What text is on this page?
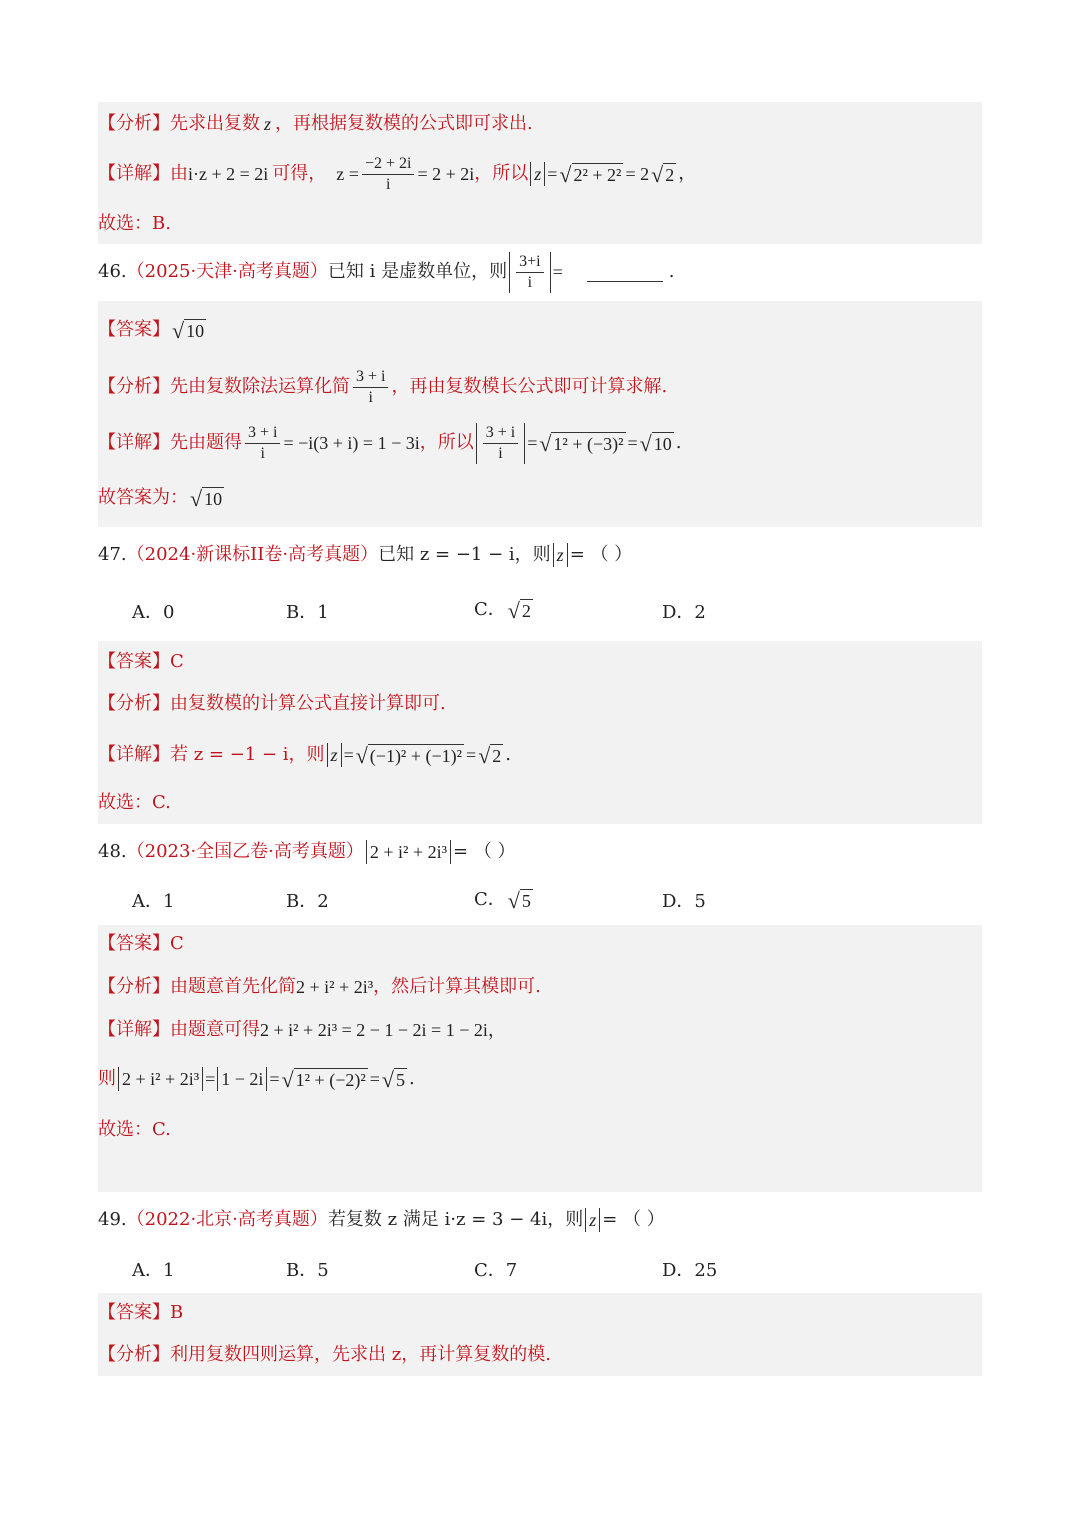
【分析】 先求出复数 z ，再根据复数模的公式即可求出.
【详解】 由 i·z + 2 = 2i 可得， $z = \frac{-2 + 2i}{i} = 2 + 2i$ ，所以 z = √ 2² + 2² = 2 √ 2 ，
故选：B.
46. （2025·天津·高考真题） 已知 i 是虚数单位，则 $\frac{3+i}{i}$ =	.
【答案】 √ 10
【分析】 先由复数除法运算化简 $\frac{3 + i}{i}$ ，再由复数模长公式即可计算求解.
【详解】 先由题得 $\frac{3 + i}{i} = -i(3 + i) = 1 - 3i$ ，所以 $\frac{3 + i}{i}$ = √ 1² + (−3)² = √ 10 .
故答案为： √ 10
47. （2024·新课标II卷·高考真题） 已知 z = −1 − i，则 z = （ ）
A．0	B．1	C． √ 2	D．2
【答案】 C
【分析】 由复数模的计算公式直接计算即可.
【详解】 若 z = −1 − i，则 z = √ (−1)² + (−1)² = √ 2 .
故选：C.
48. （2023·全国乙卷·高考真题） 2 + i² + 2i³ = （ ）
A．1	B．2	C． √ 5	D．5
【答案】 C
【分析】 由题意首先化简 2 + i² + 2i³ ，然后计算其模即可.
【详解】 由题意可得 2 + i² + 2i³ = 2 − 1 − 2i = 1 − 2i，
则 2 + i² + 2i³ = 1 − 2i = √ 1² + (−2)² = √ 5 .
故选：C.
49. （2022·北京·高考真题） 若复数 z 满足 i·z = 3 − 4i，则 z = （ ）
A．1	B．5	C．7	D．25
【答案】 B
【分析】 利用复数四则运算，先求出 z，再计算复数的模.
